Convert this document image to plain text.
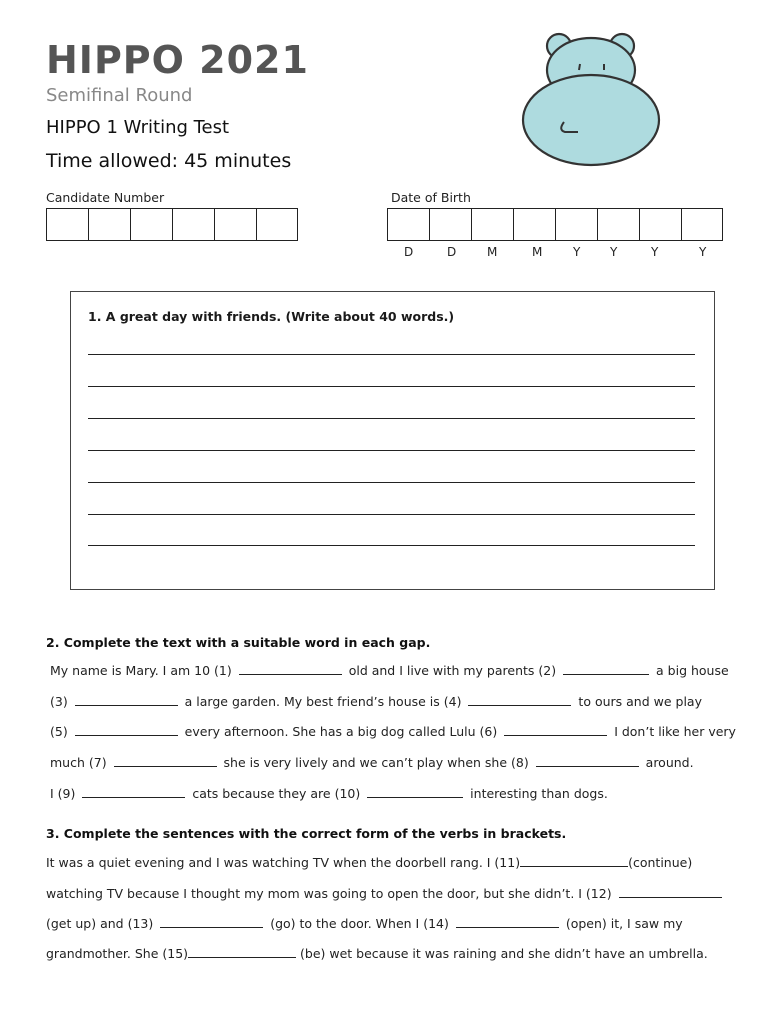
HIPPO 2021
Semifinal Round
HIPPO 1 Writing Test
Time allowed: 45 minutes
Candidate Number	Date of Birth
D	D	M	M	Y Y	Y	Y
1. A great day with friends. (Write about 40 words.)
2. Complete the text with a suitable word in each gap.
My name is Mary. I am 10 (1)	old and I live with my parents (2)	a big house
(3)	a large garden. My best friend’s house is (4)	to ours and we play
(5)	every afternoon. She has a big dog called Lulu (6)	I don’t like her very
much (7)	she is very lively and we can’t play when she (8)	around.
I (9)	cats because they are (10)	interesting than dogs.
3. Complete the sentences with the correct form of the verbs in brackets.
It was a quiet evening and I was watching TV when the doorbell rang. I (11)	(continue)
watching TV because I thought my mom was going to open the door, but she didn’t. I (12)
(get up) and (13)	(go) to the door. When I (14)	(open) it, I saw my
grandmother. She (15)	(be) wet because it was raining and she didn’t have an umbrella.
